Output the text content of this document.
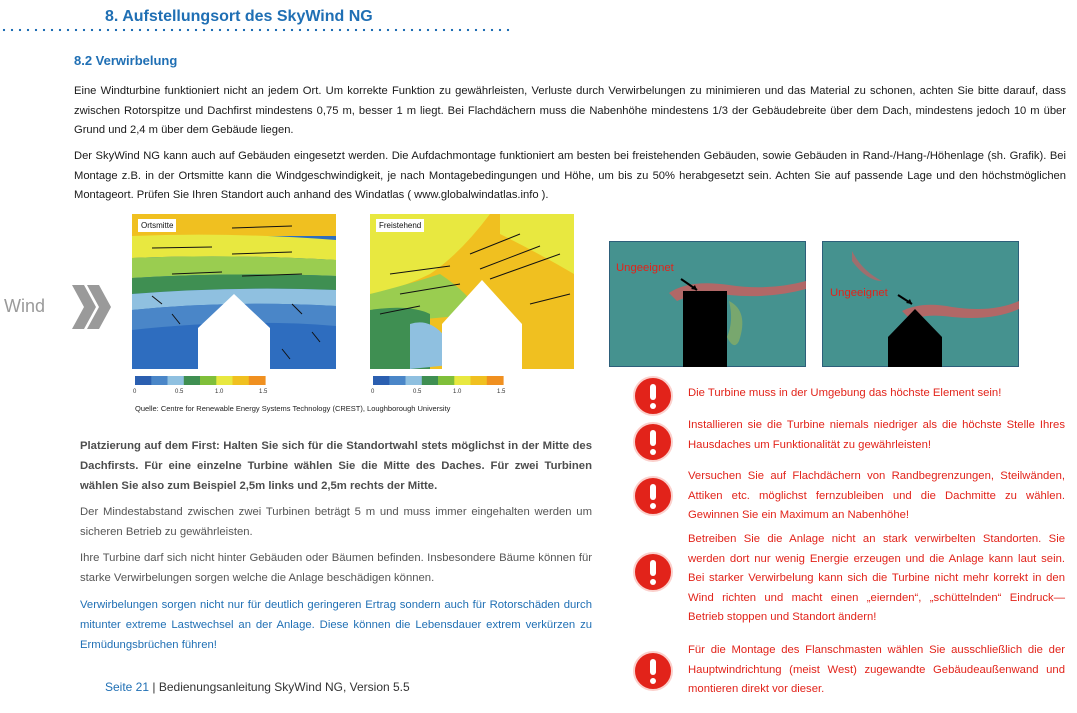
8. Aufstellungsort des SkyWind NG
8.2 Verwirbelung
Eine Windturbine funktioniert nicht an jedem Ort. Um korrekte Funktion zu gewährleisten, Verluste durch Verwirbelungen zu minimieren und das Material zu schonen, achten Sie bitte darauf, dass zwischen Rotorspitze und Dachfirst mindestens 0,75 m, besser 1 m liegt. Bei Flachdächern muss die Nabenhöhe mindestens 1/3 der Gebäudebreite über dem Dach, mindestens jedoch 10 m über Grund und 2,4 m über dem Gebäude liegen.
Der SkyWind NG kann auch auf Gebäuden eingesetzt werden. Die Aufdachmontage funktioniert am besten bei freistehenden Gebäuden, sowie Gebäuden in Rand-/Hang-/Höhenlage (sh. Grafik). Bei Montage z.B. in der Ortsmitte kann die Windgeschwindigkeit, je nach Montagebedingungen und Höhe, um bis zu 50% herabgesetzt sein. Achten Sie auf passende Lage und den höchstmöglichen Montageort. Prüfen Sie Ihren Standort auch anhand des Windatlas ( www.globalwindatlas.info ).
Wind
Ortsmitte	Freistehend
0	0.5	1.0	1.5	0	0.5	1.0	1.5
Quelle: Centre for Renewable Energy Systems Technology (CREST), Loughborough University
Ungeeignet
Ungeeignet
Platzierung auf dem First: Halten Sie sich für die Standortwahl stets möglichst in der Mitte des Dachfirsts. Für eine einzelne Turbine wählen Sie die Mitte des Daches. Für zwei Turbinen wählen Sie also zum Beispiel 2,5m links und 2,5m rechts der Mitte.
Der Mindestabstand zwischen zwei Turbinen beträgt 5 m und muss immer eingehalten werden um sicheren Betrieb zu gewährleisten.
Ihre Turbine darf sich nicht hinter Gebäuden oder Bäumen befinden. Insbesondere Bäume können für starke Verwirbelungen sorgen welche die Anlage beschädigen können.
Verwirbelungen sorgen nicht nur für deutlich geringeren Ertrag sondern auch für Rotorschäden durch mitunter extreme Lastwechsel an der Anlage. Diese können die Lebensdauer extrem verkürzen zu Ermüdungsbrüchen führen!
Die Turbine muss in der Umgebung das höchste Element sein!
Installieren sie die Turbine niemals niedriger als die höchste Stelle Ihres Hausdaches um Funktionalität zu gewährleisten!
Versuchen Sie auf Flachdächern von Randbegrenzungen, Steilwänden, Attiken etc. möglichst fernzubleiben und die Dachmitte zu wählen. Gewinnen Sie ein Maximum an Nabenhöhe!
Betreiben Sie die Anlage nicht an stark verwirbelten Standorten. Sie werden dort nur wenig Energie erzeugen und die Anlage kann laut sein. Bei starker Verwirbelung kann sich die Turbine nicht mehr korrekt in den Wind richten und macht einen „eiernden“, „schüttelnden“ Eindruck— Betrieb stoppen und Standort ändern!
Für die Montage des Flanschmasten wählen Sie ausschließlich die der Hauptwindrichtung (meist West) zugewandte Gebäudeaußenwand und montieren direkt vor dieser.
Seite 21 | Bedienungsanleitung SkyWind NG, Version 5.5
